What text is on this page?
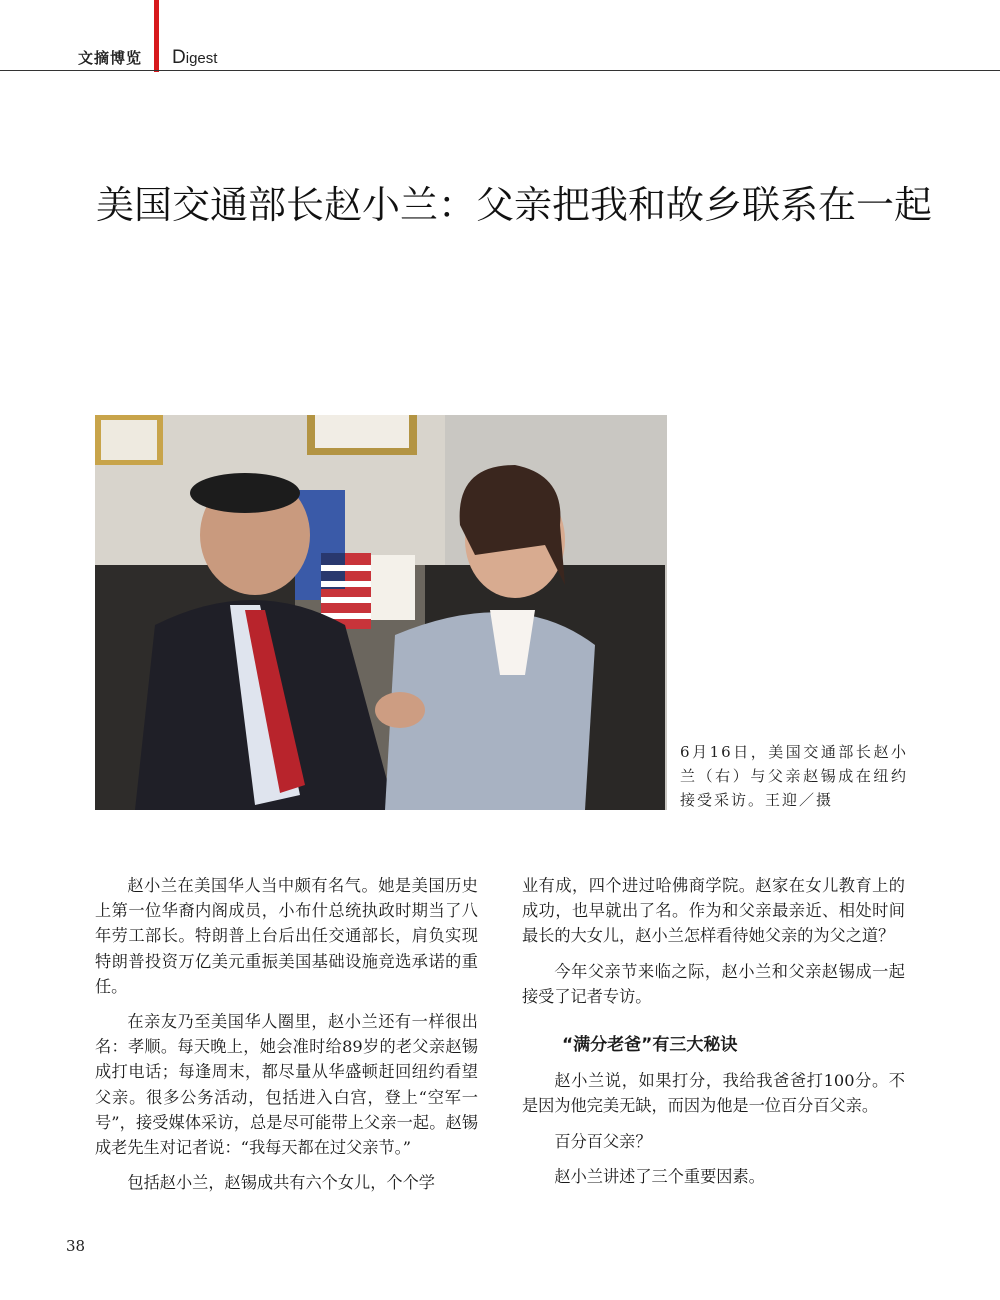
文摘博览 Digest
美国交通部长赵小兰：父亲把我和故乡联系在一起
6月16日，美国交通部长赵小兰（右）与父亲赵锡成在纽约接受采访。王迎／摄

赵小兰在美国华人当中颇有名气。她是美国历史上第一位华裔内阁成员，小布什总统执政时期当了八年劳工部长。特朗普上台后出任交通部长，肩负实现特朗普投资万亿美元重振美国基础设施竞选承诺的重任。

在亲友乃至美国华人圈里，赵小兰还有一样很出名：孝顺。每天晚上，她会准时给89岁的老父亲赵锡成打电话；每逢周末，都尽量从华盛顿赶回纽约看望父亲。很多公务活动，包括进入白宫，登上“空军一号”，接受媒体采访，总是尽可能带上父亲一起。赵锡成老先生对记者说：“我每天都在过父亲节。”

包括赵小兰，赵锡成共有六个女儿，个个学

业有成，四个进过哈佛商学院。赵家在女儿教育上的成功，也早就出了名。作为和父亲最亲近、相处时间最长的大女儿，赵小兰怎样看待她父亲的为父之道？

今年父亲节来临之际，赵小兰和父亲赵锡成一起接受了记者专访。

“满分老爸”有三大秘诀

赵小兰说，如果打分，我给我爸爸打100分。不是因为他完美无缺，而因为他是一位百分百父亲。

百分百父亲？

赵小兰讲述了三个重要因素。

38
